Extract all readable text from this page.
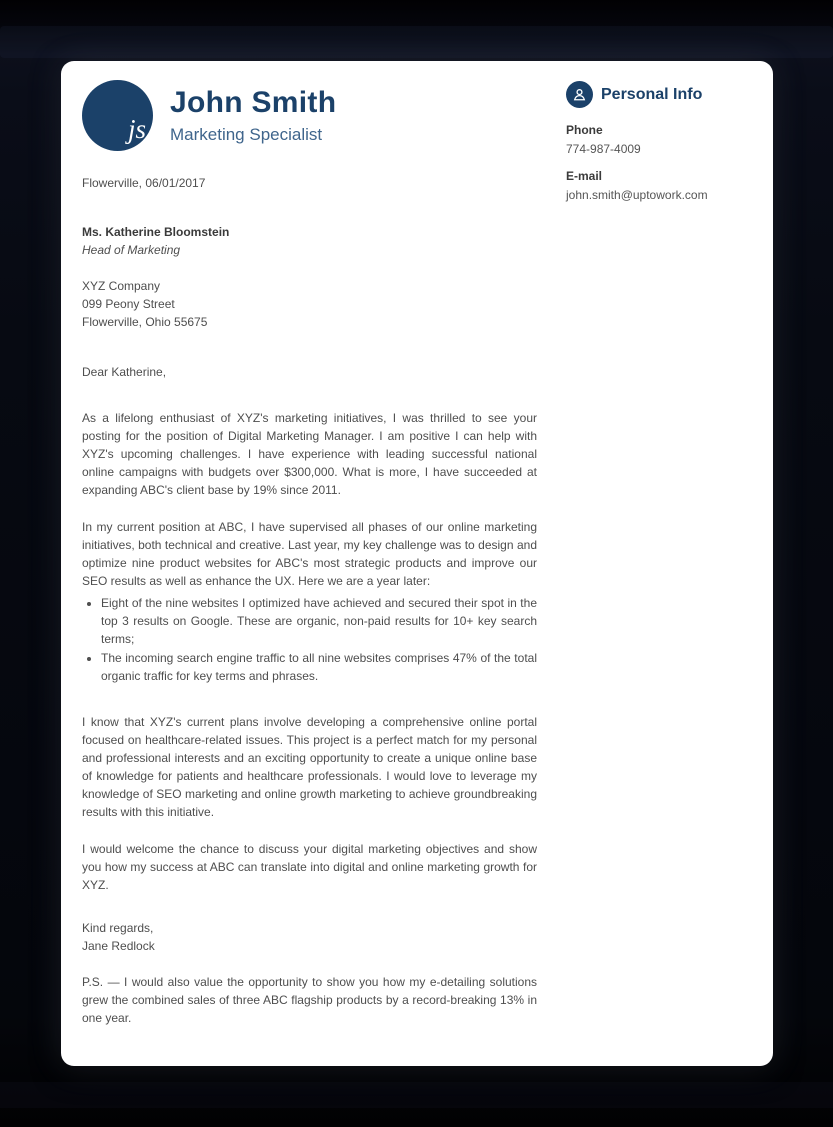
js
John Smith
Marketing Specialist
Flowerville, 06/01/2017
Ms. Katherine Bloomstein
Head of Marketing
XYZ Company
099 Peony Street
Flowerville, Ohio 55675
Dear Katherine,

As a lifelong enthusiast of XYZ's marketing initiatives, I was thrilled to see your posting for the position of Digital Marketing Manager. I am positive I can help with XYZ's upcoming challenges. I have experience with leading successful national online campaigns with budgets over $300,000. What is more, I have succeeded at expanding ABC's client base by 19% since 2011.

In my current position at ABC, I have supervised all phases of our online marketing initiatives, both technical and creative. Last year, my key challenge was to design and optimize nine product websites for ABC's most strategic products and improve our SEO results as well as enhance the UX. Here we are a year later:

• Eight of the nine websites I optimized have achieved and secured their spot in the top 3 results on Google. These are organic, non-paid results for 10+ key search terms;
• The incoming search engine traffic to all nine websites comprises 47% of the total organic traffic for key terms and phrases.

I know that XYZ's current plans involve developing a comprehensive online portal focused on healthcare-related issues. This project is a perfect match for my personal and professional interests and an exciting opportunity to create a unique online base of knowledge for patients and healthcare professionals. I would love to leverage my knowledge of SEO marketing and online growth marketing to achieve groundbreaking results with this initiative.

I would welcome the chance to discuss your digital marketing objectives and show you how my success at ABC can translate into digital and online marketing growth for XYZ.

Kind regards,
Jane Redlock

P.S. — I would also value the opportunity to show you how my e-detailing solutions grew the combined sales of three ABC flagship products by a record-breaking 13% in one year.

Personal Info
Phone
774-987-4009
E-mail
john.smith@uptowork.com
